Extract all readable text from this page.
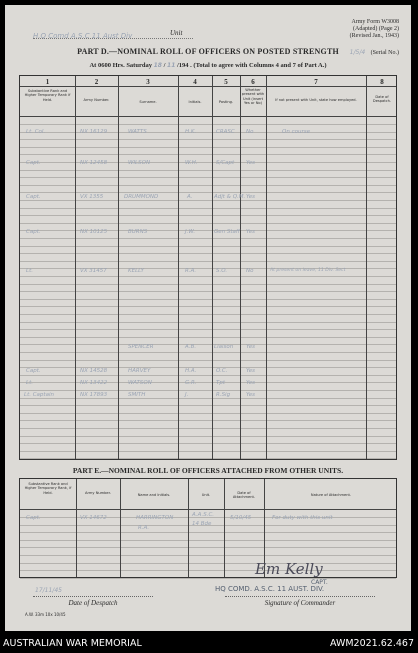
H.Q Comd A.S.C 11 Aust Div	Unit
Army Form W3008
(Adapted) (Page 2)
(Revised Jan., 1943)
1/5/4 (Serial No.)
PART D.—NOMINAL ROLL OF OFFICERS ON POSTED STRENGTH
At 0600 Hrs. Saturday 18 / 11 /194 . (Total to agree with Columns 4 and 7 of Part A.)
1	2	3	4	5	6	7	8
Substantive Rank and Higher Temporary Rank if Held.	Army Number.	Surname.	Initials.	Posting.
Whether present with Unit (insert Yes or No)
If not present with Unit, state how employed.
Date of Despatch.
Lt. Col.	NX 16129	WATTS	H.K.	CRASC No	On course
Capt.	NX 12458	WILSON	W.H.	S/Capt Yes
Capt.	VX 1355	DRUMMOND	A.	Adjt & Q.M. Yes
Capt.	NX 10125	BURNS	J.W.	Gen Staff Yes
Lt.	VX 31457	KELLY	R.A.	S.O.	No	At present on leave, 11 Div. Sect
SPENCER	A.B.	Liaison Yes
Capt.	NX 14528	HARVEY	H.A.	O.C.	Yes
Lt.	NX 13422	WATSON	G.R.	Tpt	Yes
Lt. Captain	NX 17893	SMITH	J.	R.Sig	Yes
PART E.—NOMINAL ROLL OF OFFICERS ATTACHED FROM OTHER UNITS.
Substantive Rank and Higher Temporary Rank, if Held.	Army Number.	Name and Initials.	Unit.	Date of Attachment.
Nature of Attachment.
Capt.	VX 14672	HARRINGTON	A.A.S.C.	5/10/45	For duty with this unit
R.A.
14 Bde
Em Kelly
CAPT.
HQ COMD. A.S.C. 11 AUST. DIV.
17/11/45
Date of Despatch	Signature of Commander
A.W. 33m 10x 10/45
AUSTRALIAN WAR MEMORIAL	AWM2021.62.467
